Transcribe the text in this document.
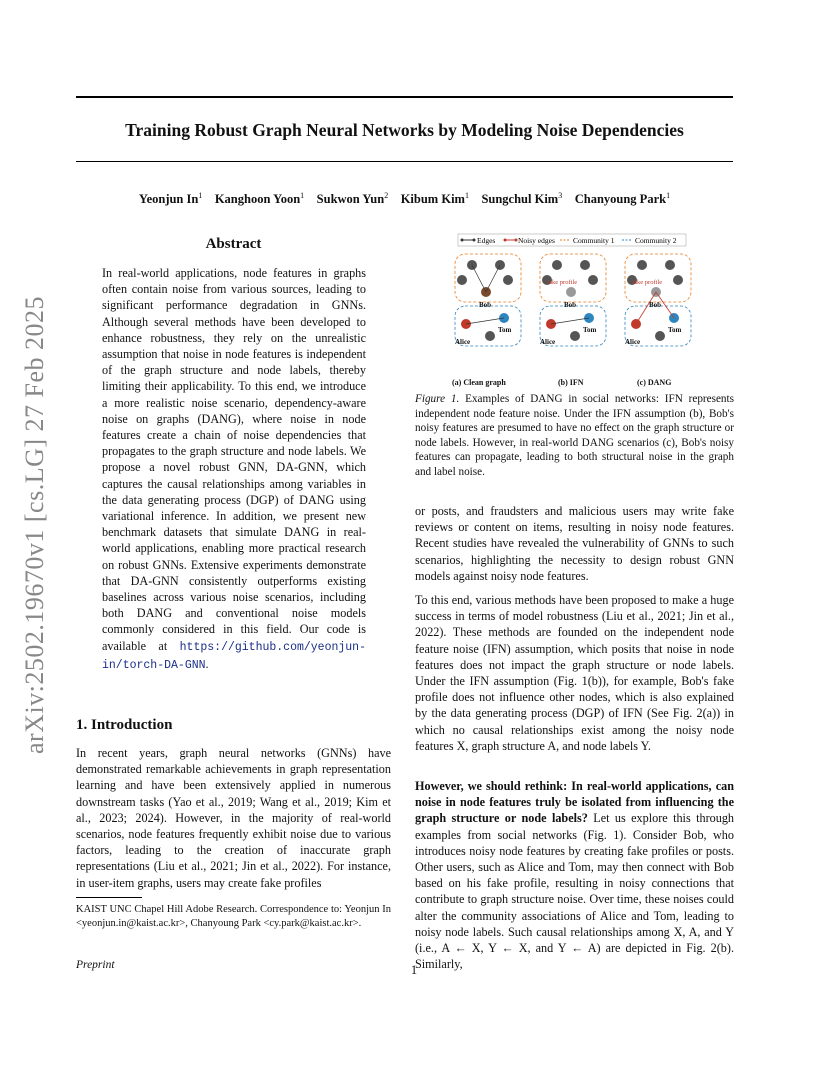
Training Robust Graph Neural Networks by Modeling Noise Dependencies
Yeonjun In$^1$ Kanghoon Yoon$^1$ Sukwon Yun$^2$ Kibum Kim$^1$ Sungchul Kim$^3$ Chanyoung Park$^1$
arXiv:2502.19670v1 [cs.LG] 27 Feb 2025
Abstract

In real-world applications, node features in graphs often contain noise from various sources, leading to significant performance degradation in GNNs. Although several methods have been developed to enhance robustness, they rely on the unrealistic assumption that noise in node features is independent of the graph structure and node labels, thereby limiting their applicability. To this end, we introduce a more realistic noise scenario, dependency-aware noise on graphs (DANG), where noise in node features create a chain of noise dependencies that propagates to the graph structure and node labels. We propose a novel robust GNN, DA-GNN, which captures the causal relationships among variables in the data generating process (DGP) of DANG using variational inference. In addition, we present new benchmark datasets that simulate DANG in real-world applications, enabling more practical research on robust GNNs. Extensive experiments demonstrate that DA-GNN consistently outperforms existing baselines across various noise scenarios, including both DANG and conventional noise models commonly considered in this field. Our code is available at https://github.com/yeonjun-in/torch-DA-GNN.

1. Introduction

In recent years, graph neural networks (GNNs) have demonstrated remarkable achievements in graph representation learning and have been extensively applied in numerous downstream tasks (Yao et al., 2019; Wang et al., 2019; Kim et al., 2023; 2024). However, in the majority of real-world scenarios, node features frequently exhibit noise due to various factors, leading to the creation of inaccurate graph representations (Liu et al., 2021; Jin et al., 2022). For instance, in user-item graphs, users may create fake profiles

KAIST UNC Chapel Hill Adobe Research. Correspondence to: Yeonjun In <yeonjun.in@kaist.ac.kr>, Chanyoung Park <cy.park@kaist.ac.kr>.
Preprint	1
Edges	Noisy edges Community 1	Community 2
Bob
Alice
Tom
fake profile
Bob
Alice
Tom
fake profile
Bob
Alice
Tom
(a) Clean graph	(b) IFN	(c) DANG
Figure 1. Examples of DANG in social networks: IFN represents independent node feature noise. Under the IFN assumption (b), Bob's noisy features are presumed to have no effect on the graph structure or node labels. However, in real-world DANG scenarios (c), Bob's noisy features can propagate, leading to both structural noise in the graph and label noise.

or posts, and fraudsters and malicious users may write fake reviews or content on items, resulting in noisy node features. Recent studies have revealed the vulnerability of GNNs to such scenarios, highlighting the necessity to design robust GNN models against noisy node features.

To this end, various methods have been proposed to make a huge success in terms of model robustness (Liu et al., 2021; Jin et al., 2022). These methods are founded on the independent node feature noise (IFN) assumption, which posits that noise in node features does not impact the graph structure or node labels. Under the IFN assumption (Fig. 1(b)), for example, Bob's fake profile does not influence other nodes, which is also explained by the data generating process (DGP) of IFN (See Fig. 2(a)) in which no causal relationships exist among the noisy node features X, graph structure A, and node labels Y.

However, we should rethink: In real-world applications, can noise in node features truly be isolated from influencing the graph structure or node labels? Let us explore this through examples from social networks (Fig. 1). Consider Bob, who introduces noisy node features by creating fake profiles or posts. Other users, such as Alice and Tom, may then connect with Bob based on his fake profile, resulting in noisy connections that contribute to graph structure noise. Over time, these noises could alter the community associations of Alice and Tom, leading to noisy node labels. Such causal relationships among X, A, and Y (i.e., A ← X, Y ← X, and Y ← A) are depicted in Fig. 2(b). Similarly,
